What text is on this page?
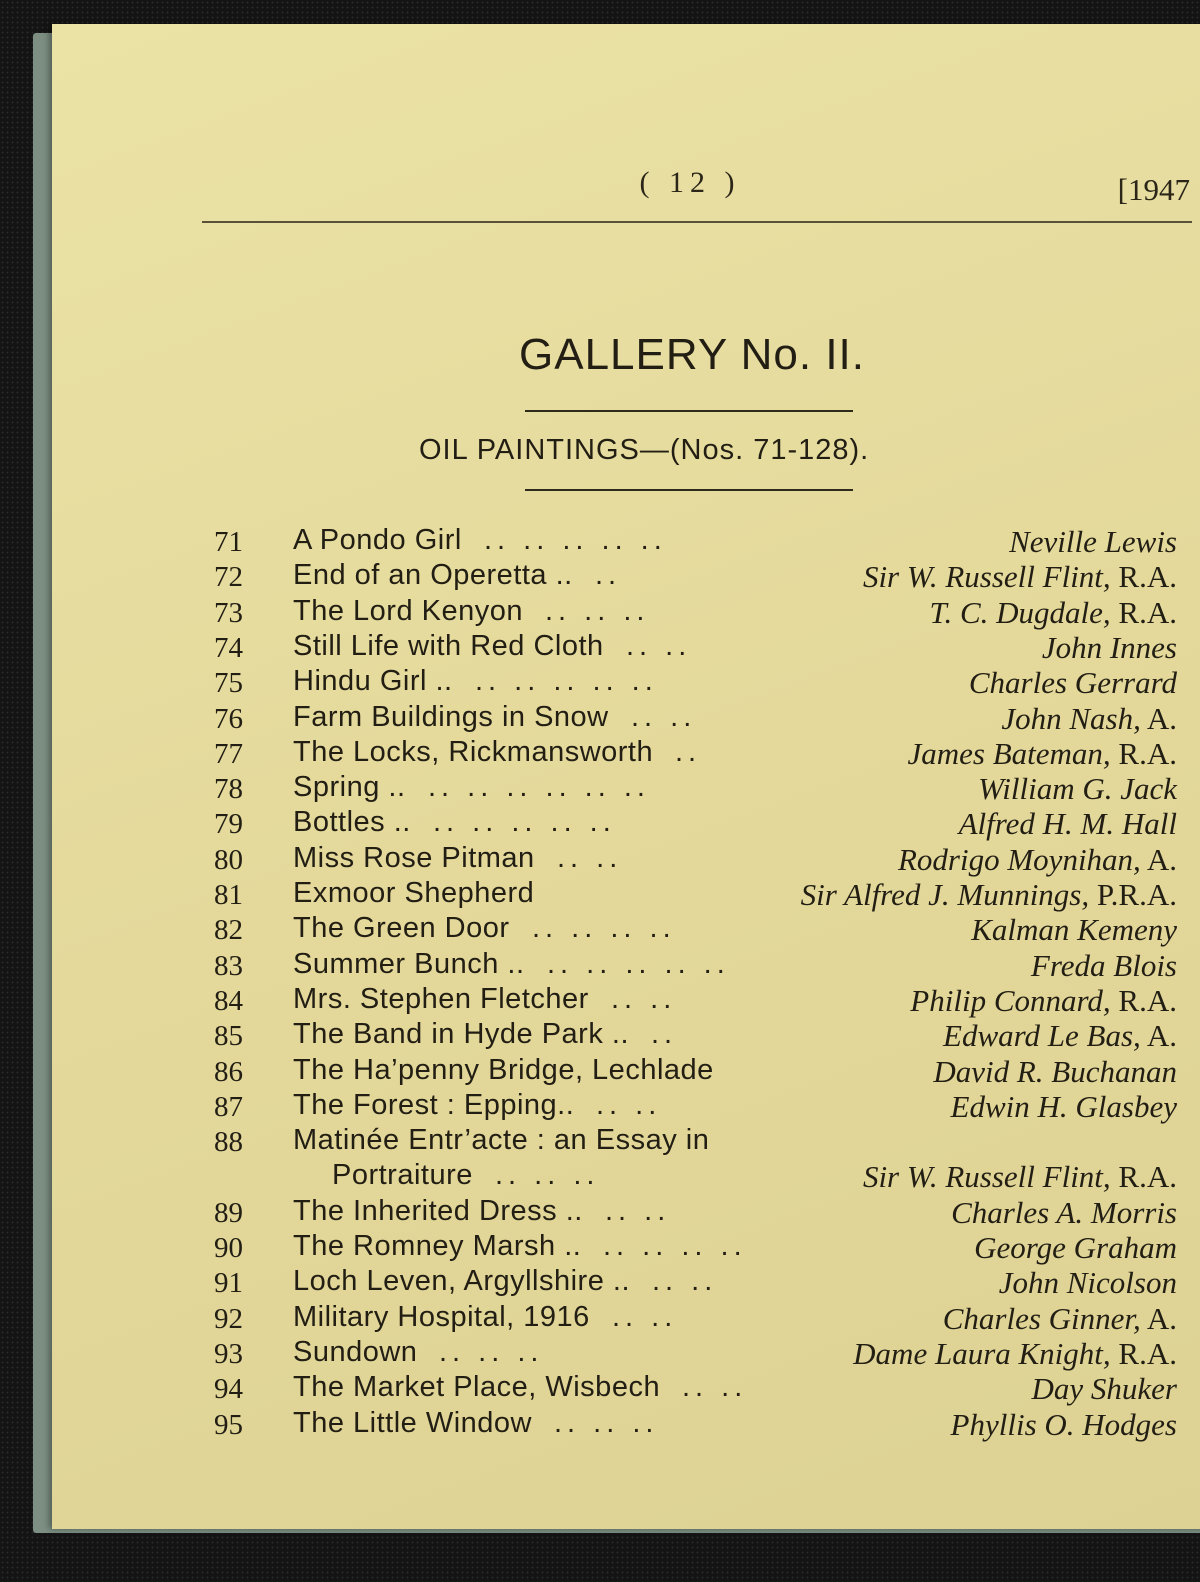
( 12 )	[1947
GALLERY No. II.
OIL PAINTINGS—(Nos. 71-128).
71	A Pondo Girl .. .. .. .. ..	Neville Lewis
72	End of an Operetta .. ..	Sir W. Russell Flint, R.A.
73	The Lord Kenyon .. .. ..	T. C. Dugdale, R.A.
74	Still Life with Red Cloth .. ..	John Innes
75	Hindu Girl .. .. .. .. .. ..	Charles Gerrard
76	Farm Buildings in Snow .. ..	John Nash, A.
77	The Locks, Rickmansworth ..	James Bateman, R.A.
78	Spring .. .. .. .. .. .. ..	William G. Jack
79	Bottles .. .. .. .. .. ..	Alfred H. M. Hall
80	Miss Rose Pitman .. ..	Rodrigo Moynihan, A.
81	Exmoor Shepherd	Sir Alfred J. Munnings, P.R.A.
82	The Green Door .. .. .. ..	Kalman Kemeny
83	Summer Bunch .. .. .. .. .. ..	Freda Blois
84	Mrs. Stephen Fletcher .. ..	Philip Connard, R.A.
85	The Band in Hyde Park .. ..	Edward Le Bas, A.
86	The Ha’penny Bridge, Lechlade	David R. Buchanan
87	The Forest : Epping.. .. ..	Edwin H. Glasbey
88	Matinée Entr’acte : an Essay in
Portraiture .. .. ..	Sir W. Russell Flint, R.A.
89	The Inherited Dress .. .. ..	Charles A. Morris
90	The Romney Marsh .. .. .. .. ..	George Graham
91	Loch Leven, Argyllshire .. .. ..	John Nicolson
92	Military Hospital, 1916 .. ..	Charles Ginner, A.
93	Sundown .. .. ..	Dame Laura Knight, R.A.
94	The Market Place, Wisbech .. ..	Day Shuker
95	The Little Window .. .. ..	Phyllis O. Hodges
